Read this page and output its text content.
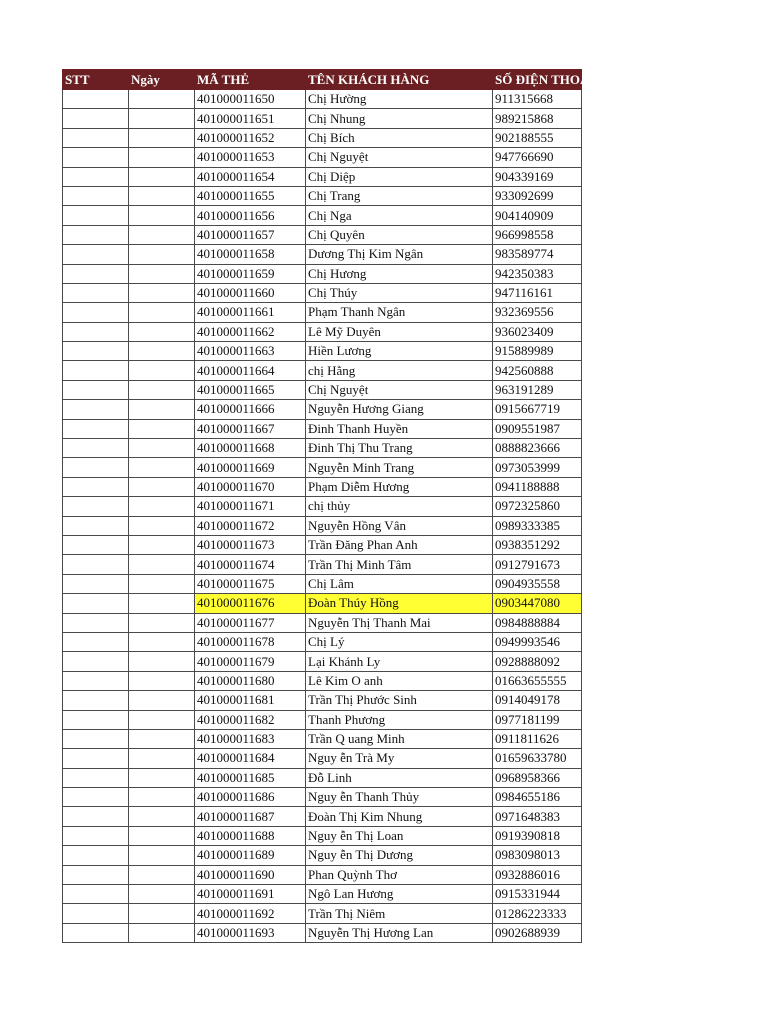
STT	Ngày	MÃ THẺ	TÊN KHÁCH HÀNG	SỐ ĐIỆN THOẠI
		401000011650	Chị Hường	911315668
		401000011651	Chị Nhung	989215868
		401000011652	Chị Bích	902188555
		401000011653	Chị Nguyệt	947766690
		401000011654	Chị Diệp	904339169
		401000011655	Chị Trang	933092699
		401000011656	Chị Nga	904140909
		401000011657	Chị Quyên	966998558
		401000011658	Dương Thị Kim Ngân	983589774
		401000011659	Chị Hương	942350383
		401000011660	Chị Thúy	947116161
		401000011661	Phạm Thanh Ngân	932369556
		401000011662	Lê Mỹ Duyên	936023409
		401000011663	Hiền Lương	915889989
		401000011664	chị Hằng	942560888
		401000011665	Chị Nguyệt	963191289
		401000011666	Nguyễn Hương Giang	0915667719
		401000011667	Đinh Thanh Huyền	0909551987
		401000011668	Đinh Thị Thu Trang	0888823666
		401000011669	Nguyễn Minh Trang	0973053999
		401000011670	Phạm Diễm Hương	0941188888
		401000011671	chị thủy	0972325860
		401000011672	Nguyễn Hồng Vân	0989333385
		401000011673	Trần Đăng Phan Anh	0938351292
		401000011674	Trần Thị Minh Tâm	0912791673
		401000011675	Chị Lâm	0904935558
		401000011676	Đoàn Thúy Hồng	0903447080
		401000011677	Nguyễn Thị Thanh Mai	0984888884
		401000011678	Chị Lý	0949993546
		401000011679	Lại Khánh Ly	0928888092
		401000011680	Lê Kim O anh	01663655555
		401000011681	Trần Thị Phước Sinh	0914049178
		401000011682	Thanh Phương	0977181199
		401000011683	Trần Q uang Minh	0911811626
		401000011684	Nguy ễn Trà My	01659633780
		401000011685	Đỗ Linh	0968958366
		401000011686	Nguy ễn Thanh Thủy	0984655186
		401000011687	Đoàn Thị Kim Nhung	0971648383
		401000011688	Nguy ễn Thị Loan	0919390818
		401000011689	Nguy ễn Thị Dương	0983098013
		401000011690	Phan Quỳnh Thơ	0932886016
		401000011691	Ngô Lan Hương	0915331944
		401000011692	Trần Thị Niêm	01286223333
		401000011693	Nguyễn Thị Hương Lan	0902688939
